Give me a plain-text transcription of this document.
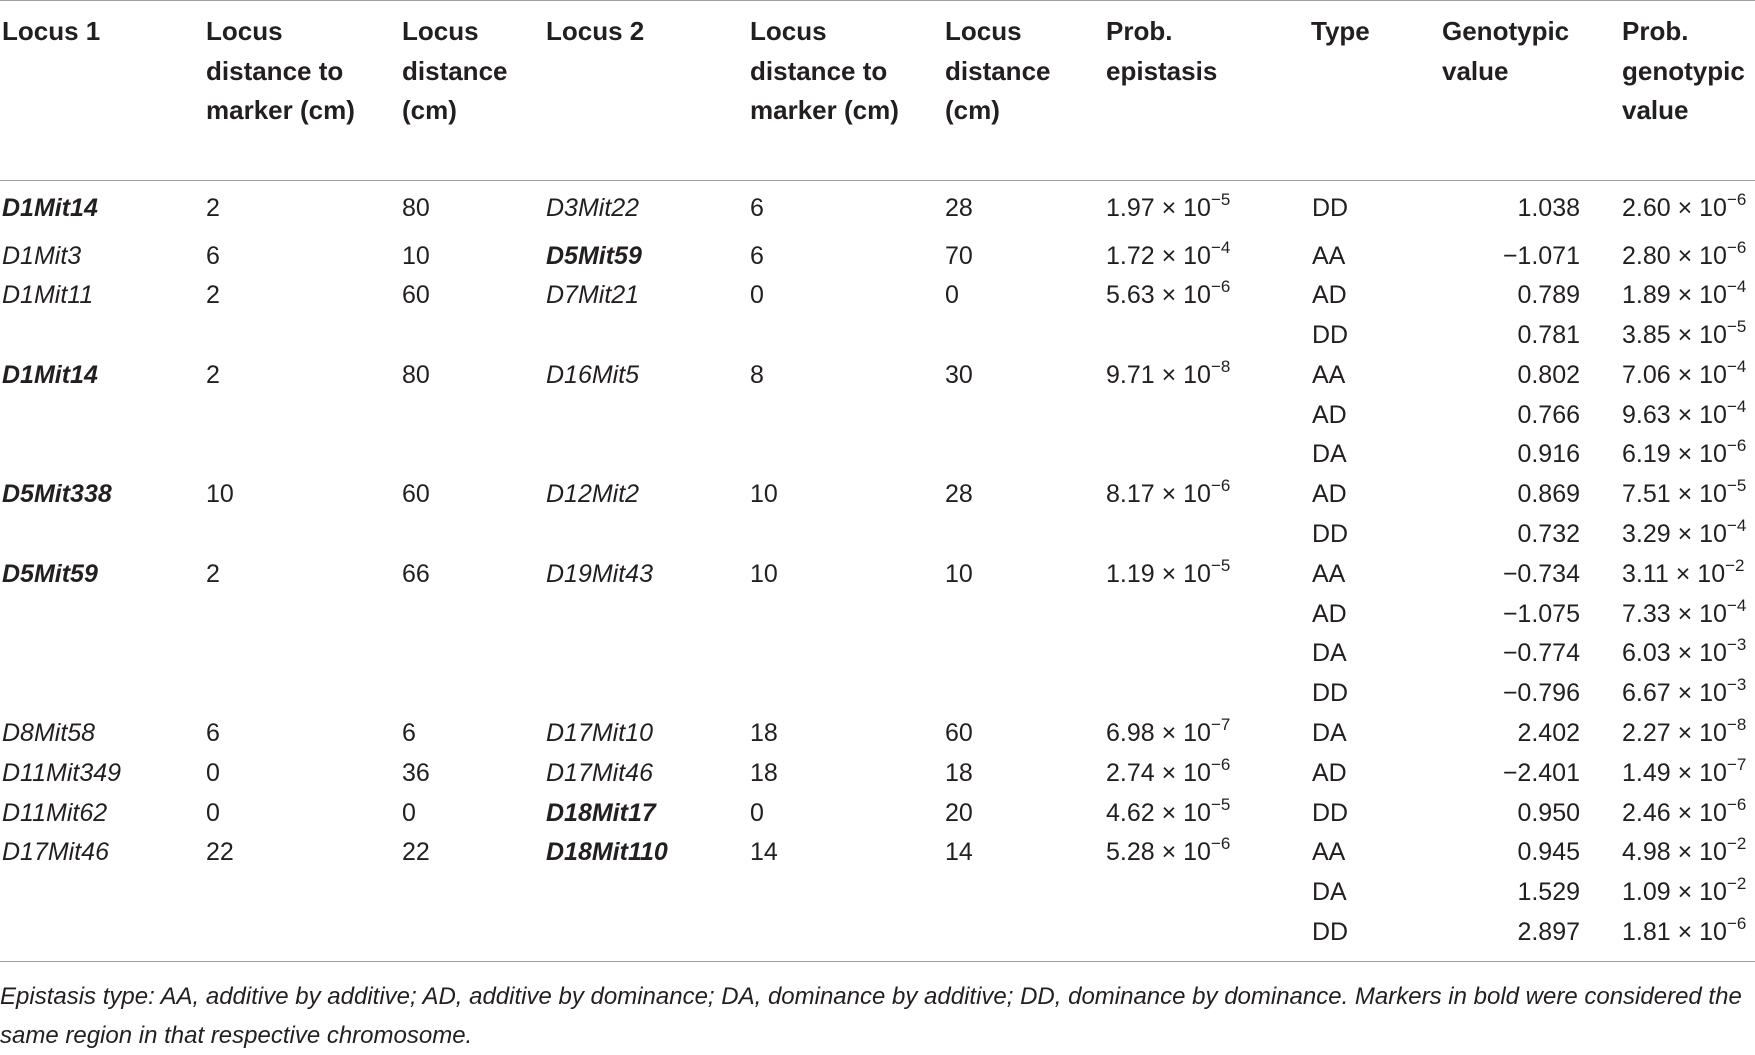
Locus 1	Locus distance to marker (cm)	Locus distance (cm)	Locus 2	Locus distance to marker (cm)	Locus distance (cm)	Prob. epistasis	Type	Genotypic value	Prob. genotypic value
D1Mit14	2	80	D3Mit22	6	28	$1.97 \times 10^{-5}$	DD	1.038	$2.60 \times 10^{-6}$
D1Mit3	6	10	D5Mit59	6	70	$1.72 \times 10^{-4}$	AA	−1.071	$2.80 \times 10^{-6}$
D1Mit11	2	60	D7Mit21	0	0	$5.63 \times 10^{-6}$	AD	0.789	$1.89 \times 10^{-4}$
							DD	0.781	$3.85 \times 10^{-5}$
D1Mit14	2	80	D16Mit5	8	30	$9.71 \times 10^{-8}$	AA	0.802	$7.06 \times 10^{-4}$
							AD	0.766	$9.63 \times 10^{-4}$
							DA	0.916	$6.19 \times 10^{-6}$
D5Mit338	10	60	D12Mit2	10	28	$8.17 \times 10^{-6}$	AD	0.869	$7.51 \times 10^{-5}$
							DD	0.732	$3.29 \times 10^{-4}$
D5Mit59	2	66	D19Mit43	10	10	$1.19 \times 10^{-5}$	AA	−0.734	$3.11 \times 10^{-2}$
							AD	−1.075	$7.33 \times 10^{-4}$
							DA	−0.774	$6.03 \times 10^{-3}$
							DD	−0.796	$6.67 \times 10^{-3}$
D8Mit58	6	6	D17Mit10	18	60	$6.98 \times 10^{-7}$	DA	2.402	$2.27 \times 10^{-8}$
D11Mit349	0	36	D17Mit46	18	18	$2.74 \times 10^{-6}$	AD	−2.401	$1.49 \times 10^{-7}$
D11Mit62	0	0	D18Mit17	0	20	$4.62 \times 10^{-5}$	DD	0.950	$2.46 \times 10^{-6}$
D17Mit46	22	22	D18Mit110	14	14	$5.28 \times 10^{-6}$	AA	0.945	$4.98 \times 10^{-2}$
							DA	1.529	$1.09 \times 10^{-2}$
							DD	2.897	$1.81 \times 10^{-6}$
Epistasis type: AA, additive by additive; AD, additive by dominance; DA, dominance by additive; DD, dominance by dominance. Markers in bold were considered the same region in that respective chromosome.
